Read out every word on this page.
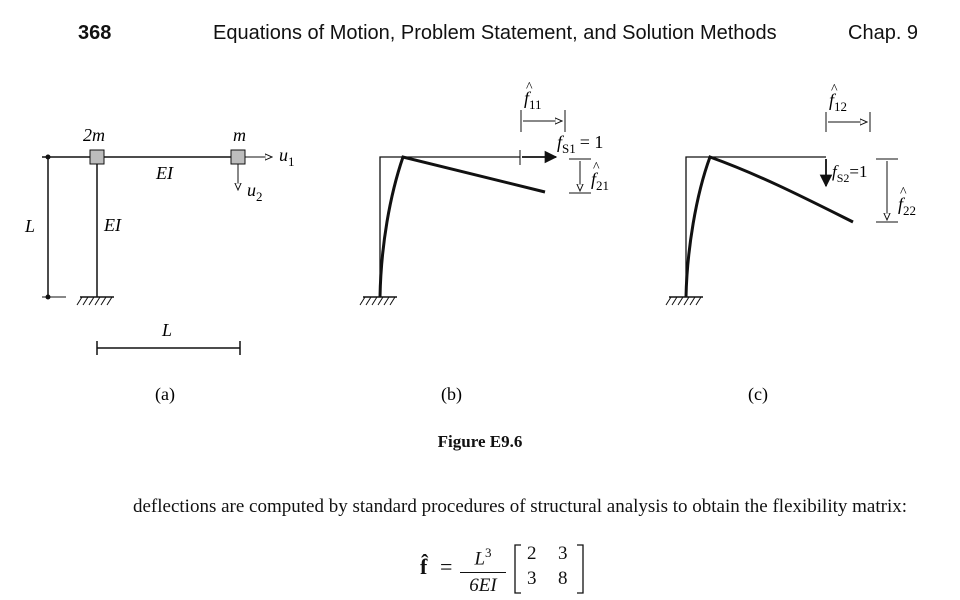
368	Equations of Motion, Problem Statement, and Solution Methods	Chap. 9
2m	m
EI
EI
L
L
$u_1$
$u_2$
(a)
$f_{11}$
^
$f_{S1} = 1$
$f_{21}$
^
(b)
$f_{12}$
^
$f_{S2}=1$
$f_{22}$
^
(c)
Figure E9.6
deflections are computed by standard procedures of structural analysis to obtain the flexibility matrix:
f̂ =	$L^3$
6EI
2 3
3 8
